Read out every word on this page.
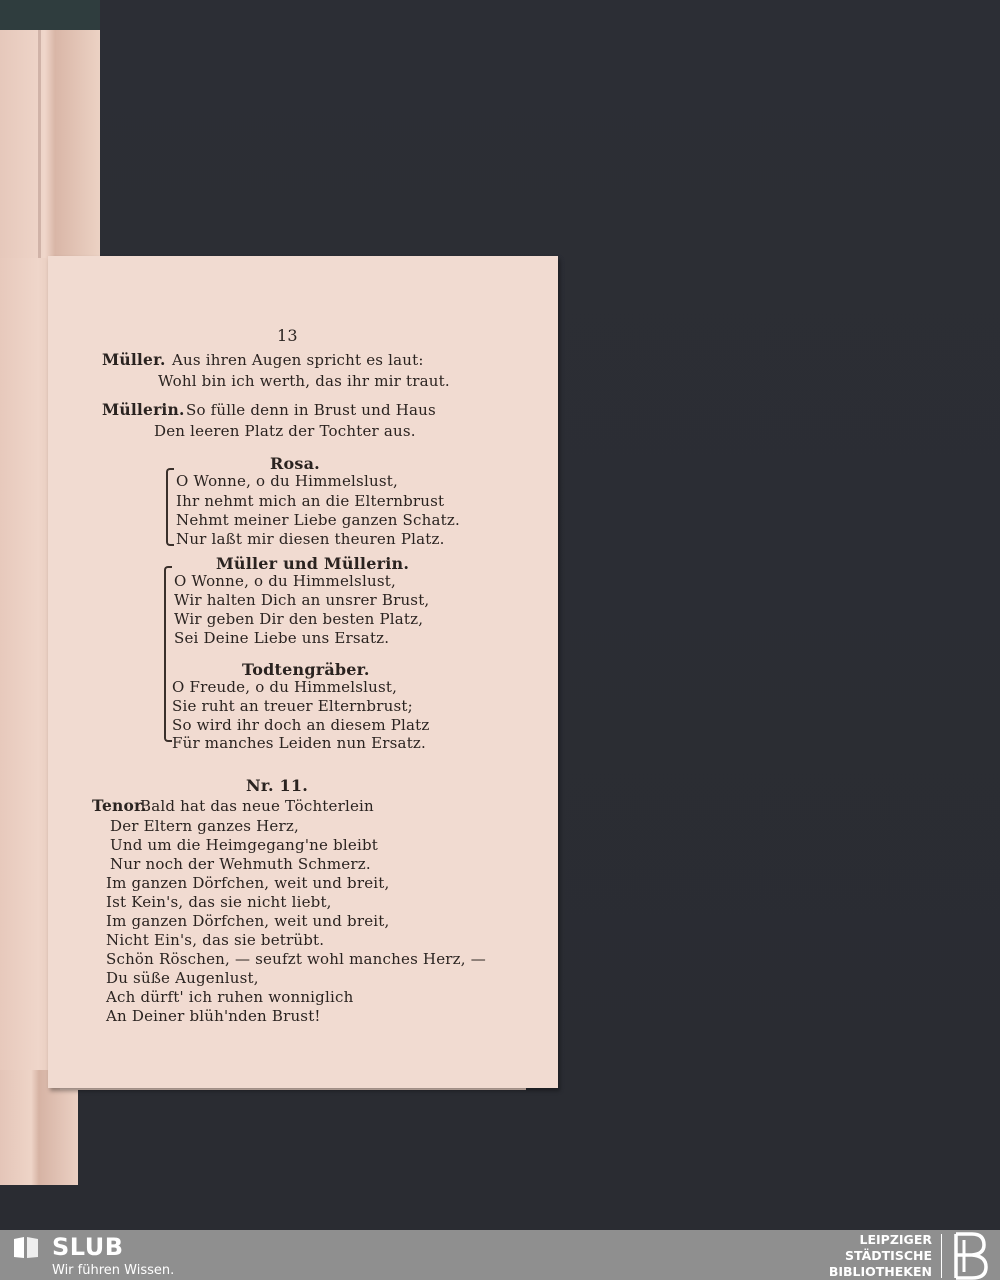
13
Müller. Aus ihren Augen spricht es laut:
Wohl bin ich werth, das ihr mir traut.
Müllerin. So fülle denn in Brust und Haus
Den leeren Platz der Tochter aus.
Rosa.
O Wonne, o du Himmelslust,
Ihr nehmt mich an die Elternbrust
Nehmt meiner Liebe ganzen Schatz.
Nur laßt mir diesen theuren Platz.
Müller und Müllerin.
O Wonne, o du Himmelslust,
Wir halten Dich an unsrer Brust,
Wir geben Dir den besten Platz,
Sei Deine Liebe uns Ersatz.
Todtengräber.
O Freude, o du Himmelslust,
Sie ruht an treuer Elternbrust;
So wird ihr doch an diesem Platz
Für manches Leiden nun Ersatz.
Nr. 11.
Tenor.
Bald hat das neue Töchterlein
Der Eltern ganzes Herz,
Und um die Heimgegang'ne bleibt
Nur noch der Wehmuth Schmerz.
Im ganzen Dörfchen, weit und breit,
Ist Kein's, das sie nicht liebt,
Im ganzen Dörfchen, weit und breit,
Nicht Ein's, das sie betrübt.
Schön Röschen, — seufzt wohl manches Herz, —
Du süße Augenlust,
Ach dürft' ich ruhen wonniglich
An Deiner blüh'nden Brust!
SLUB
Wir führen Wissen.
LEIPZIGER
STÄDTISCHE
BIBLIOTHEKEN
